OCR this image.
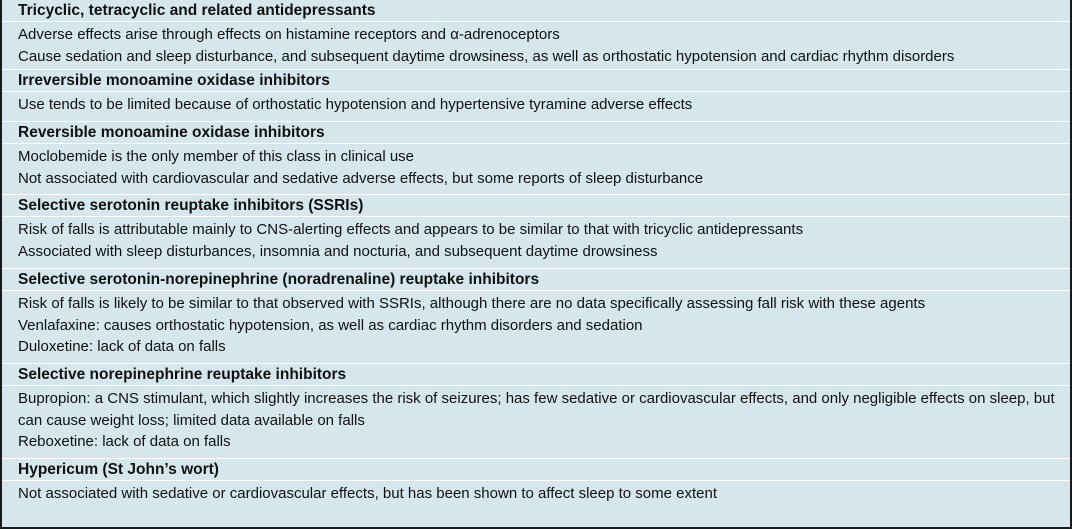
Tricyclic, tetracyclic and related antidepressants
Adverse effects arise through effects on histamine receptors and α-adrenoceptors
Cause sedation and sleep disturbance, and subsequent daytime drowsiness, as well as orthostatic hypotension and cardiac rhythm disorders
Irreversible monoamine oxidase inhibitors
Use tends to be limited because of orthostatic hypotension and hypertensive tyramine adverse effects
Reversible monoamine oxidase inhibitors
Moclobemide is the only member of this class in clinical use
Not associated with cardiovascular and sedative adverse effects, but some reports of sleep disturbance
Selective serotonin reuptake inhibitors (SSRIs)
Risk of falls is attributable mainly to CNS-alerting effects and appears to be similar to that with tricyclic antidepressants
Associated with sleep disturbances, insomnia and nocturia, and subsequent daytime drowsiness
Selective serotonin-norepinephrine (noradrenaline) reuptake inhibitors
Risk of falls is likely to be similar to that observed with SSRIs, although there are no data specifically assessing fall risk with these agents
Venlafaxine: causes orthostatic hypotension, as well as cardiac rhythm disorders and sedation
Duloxetine: lack of data on falls
Selective norepinephrine reuptake inhibitors
Bupropion: a CNS stimulant, which slightly increases the risk of seizures; has few sedative or cardiovascular effects, and only negligible effects on sleep, but can cause weight loss; limited data available on falls
Reboxetine: lack of data on falls
Hypericum (St John’s wort)
Not associated with sedative or cardiovascular effects, but has been shown to affect sleep to some extent
